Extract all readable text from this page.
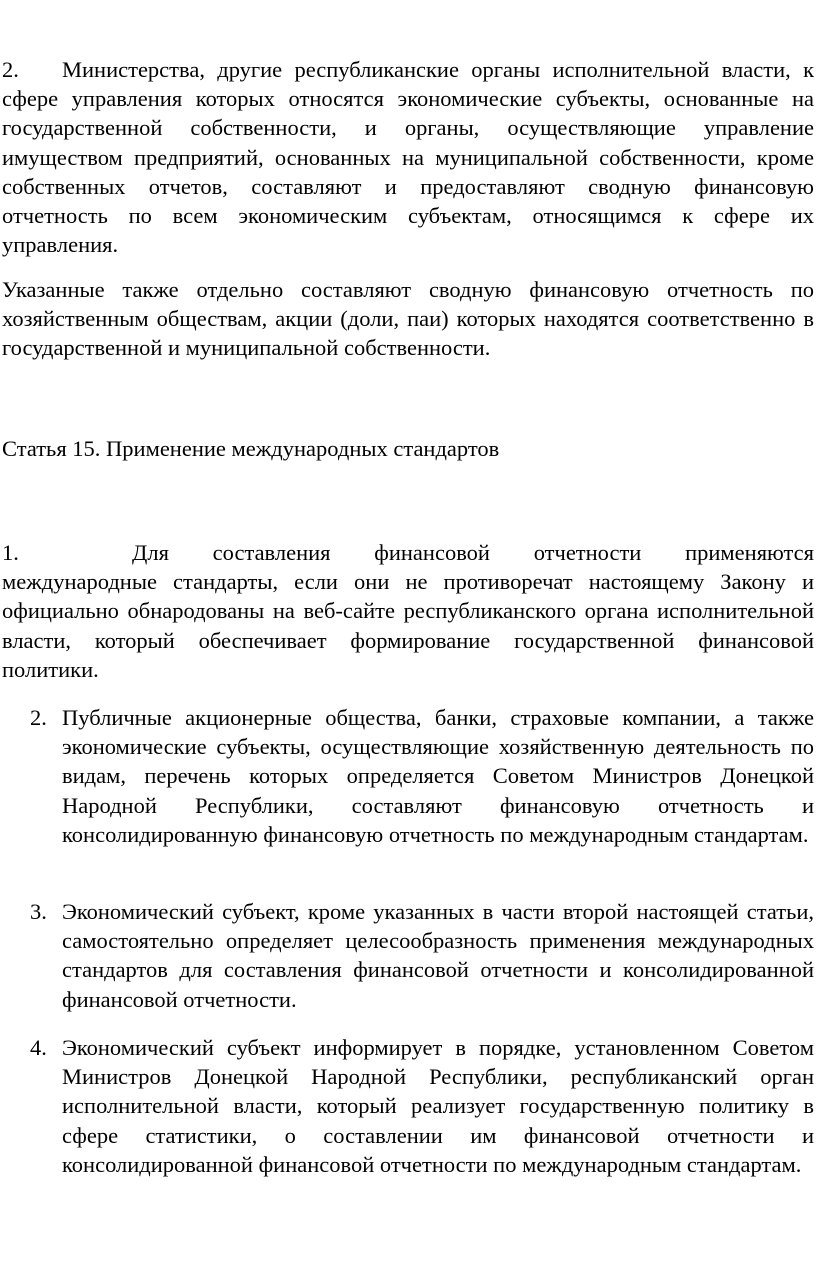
2. Министерства, другие республиканские органы исполнительной власти, к сфере управления которых относятся экономические субъекты, основанные на государственной собственности, и органы, осуществляющие управление имуществом предприятий, основанных на муниципальной собственности, кроме собственных отчетов, составляют и предоставляют сводную финансовую отчетность по всем экономическим субъектам, относящимся к сфере их управления.

Указанные также отдельно составляют сводную финансовую отчетность по хозяйственным обществам, акции (доли, паи) которых находятся соответственно в государственной и муниципальной собственности.

Статья 15. Применение международных стандартов

1.	Для составления финансовой отчетности применяются международные стандарты, если они не противоречат настоящему Закону и официально обнародованы на веб-сайте республиканского органа исполнительной власти, который обеспечивает формирование государственной финансовой политики.

2. Публичные акционерные общества, банки, страховые компании, а также экономические субъекты, осуществляющие хозяйственную деятельность по видам, перечень которых определяется Советом Министров Донецкой Народной Республики, составляют финансовую отчетность и консолидированную финансовую отчетность по международным стандартам.
3. Экономический субъект, кроме указанных в части второй настоящей статьи, самостоятельно определяет целесообразность применения международных стандартов для составления финансовой отчетности и консолидированной финансовой отчетности.
4. Экономический субъект информирует в порядке, установленном Советом Министров Донецкой Народной Республики, республиканский орган исполнительной власти, который реализует государственную политику в сфере статистики, о составлении им финансовой отчетности и консолидированной финансовой отчетности по международным стандартам.
